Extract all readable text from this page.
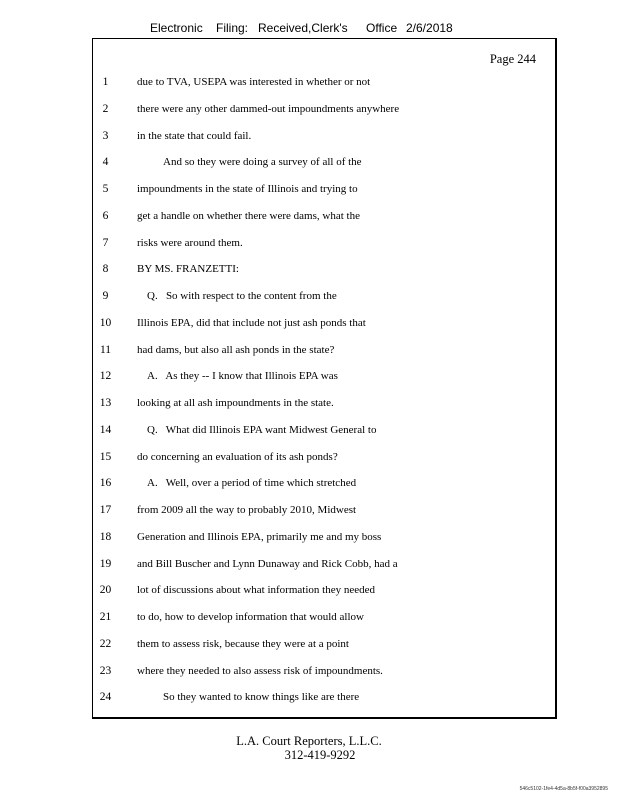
Electronic Filing: Received,Clerk's Office 2/6/2018
Page 244
1	due to TVA, USEPA was interested in whether or not
2	there were any other dammed-out impoundments anywhere
3	in the state that could fail.
4	And so they were doing a survey of all of the
5	impoundments in the state of Illinois and trying to
6	get a handle on whether there were dams, what the
7	risks were around them.
8	BY MS. FRANZETTI:
9	Q.   So with respect to the content from the
10	Illinois EPA, did that include not just ash ponds that
11	had dams, but also all ash ponds in the state?
12	A.   As they -- I know that Illinois EPA was
13	looking at all ash impoundments in the state.
14	Q.   What did Illinois EPA want Midwest General to
15	do concerning an evaluation of its ash ponds?
16	A.   Well, over a period of time which stretched
17	from 2009 all the way to probably 2010, Midwest
18	Generation and Illinois EPA, primarily me and my boss
19	and Bill Buscher and Lynn Dunaway and Rick Cobb, had a
20	lot of discussions about what information they needed
21	to do, how to develop information that would allow
22	them to assess risk, because they were at a point
23	where they needed to also assess risk of impoundments.
24	So they wanted to know things like are there
L.A. Court Reporters, L.L.C.
312-419-9292
546c5102-1fe4-4d5a-8b5f-f00a3952895
